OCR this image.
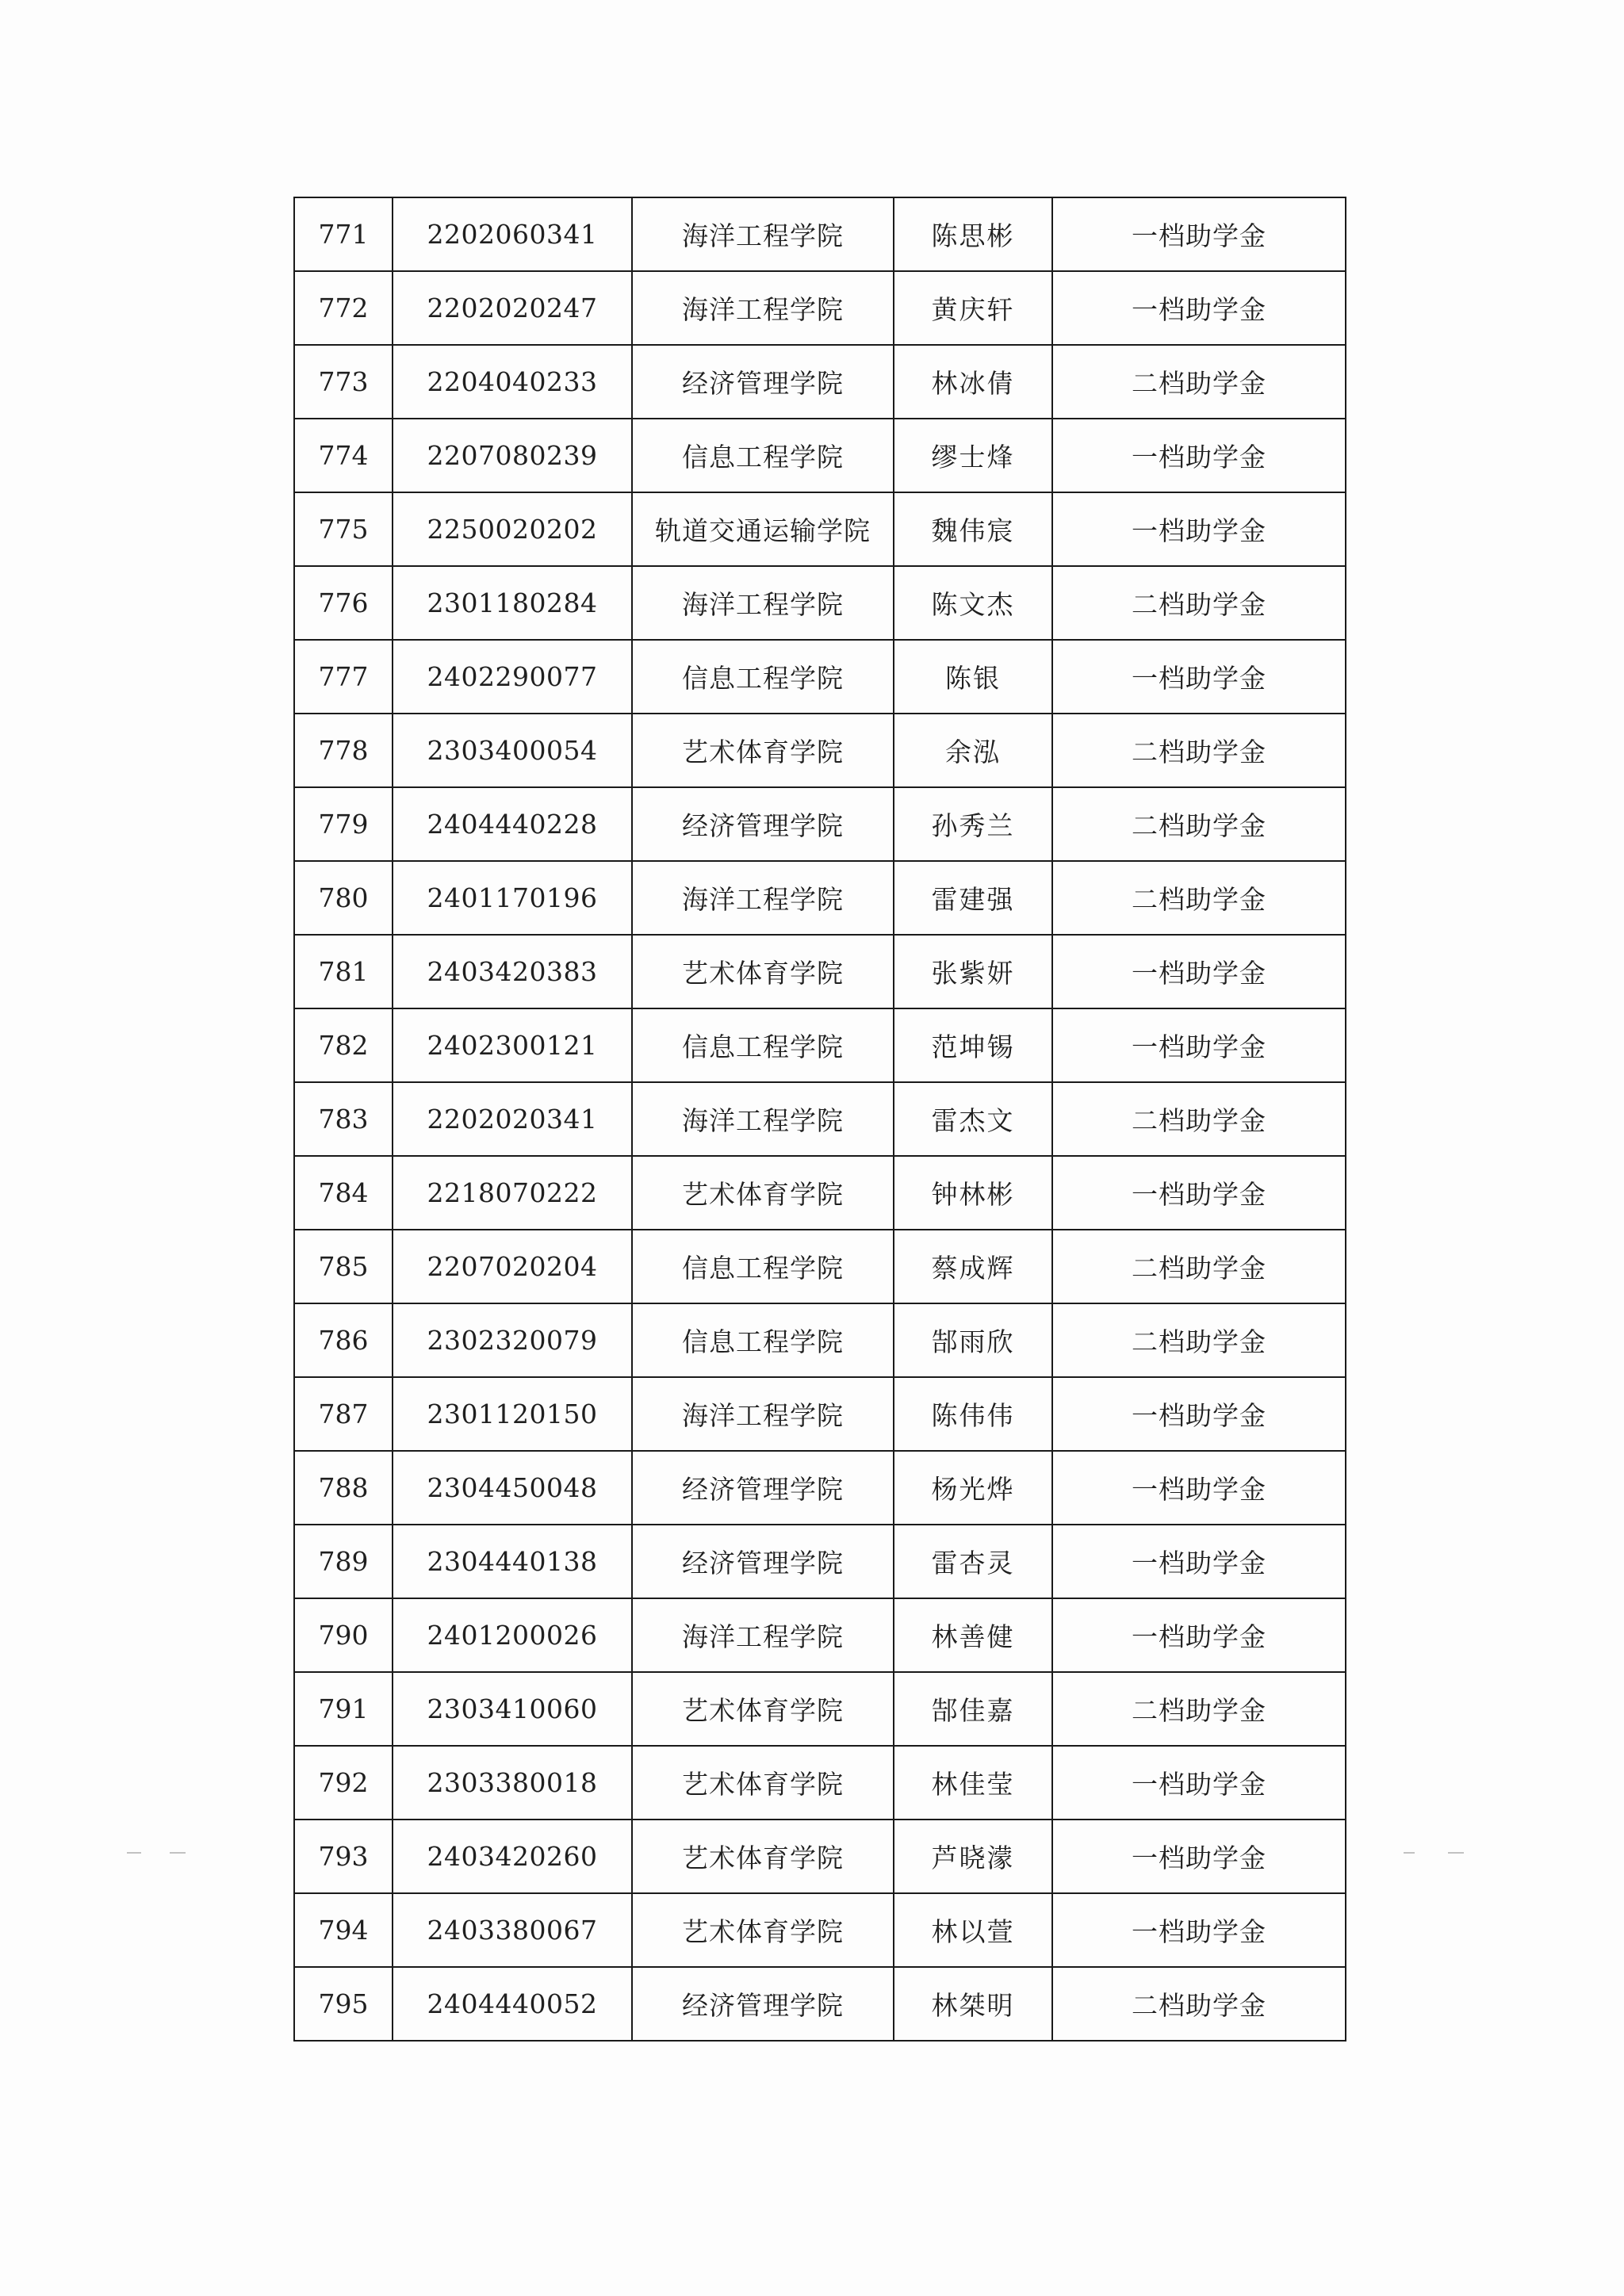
771	2202060341	海洋工程学院	陈思彬	一档助学金
772	2202020247	海洋工程学院	黄庆轩	一档助学金
773	2204040233	经济管理学院	林冰倩	二档助学金
774	2207080239	信息工程学院	缪士烽	一档助学金
775	2250020202	轨道交通运输学院	魏伟宸	一档助学金
776	2301180284	海洋工程学院	陈文杰	二档助学金
777	2402290077	信息工程学院	陈银	一档助学金
778	2303400054	艺术体育学院	余泓	二档助学金
779	2404440228	经济管理学院	孙秀兰	二档助学金
780	2401170196	海洋工程学院	雷建强	二档助学金
781	2403420383	艺术体育学院	张紫妍	一档助学金
782	2402300121	信息工程学院	范坤锡	一档助学金
783	2202020341	海洋工程学院	雷杰文	二档助学金
784	2218070222	艺术体育学院	钟林彬	一档助学金
785	2207020204	信息工程学院	蔡成辉	二档助学金
786	2302320079	信息工程学院	郜雨欣	二档助学金
787	2301120150	海洋工程学院	陈伟伟	一档助学金
788	2304450048	经济管理学院	杨光烨	一档助学金
789	2304440138	经济管理学院	雷杏灵	一档助学金
790	2401200026	海洋工程学院	林善健	一档助学金
791	2303410060	艺术体育学院	郜佳嘉	二档助学金
792	2303380018	艺术体育学院	林佳莹	一档助学金
793	2403420260	艺术体育学院	芦晓濛	一档助学金
794	2403380067	艺术体育学院	林以萱	一档助学金
795	2404440052	经济管理学院	林桀明	二档助学金
